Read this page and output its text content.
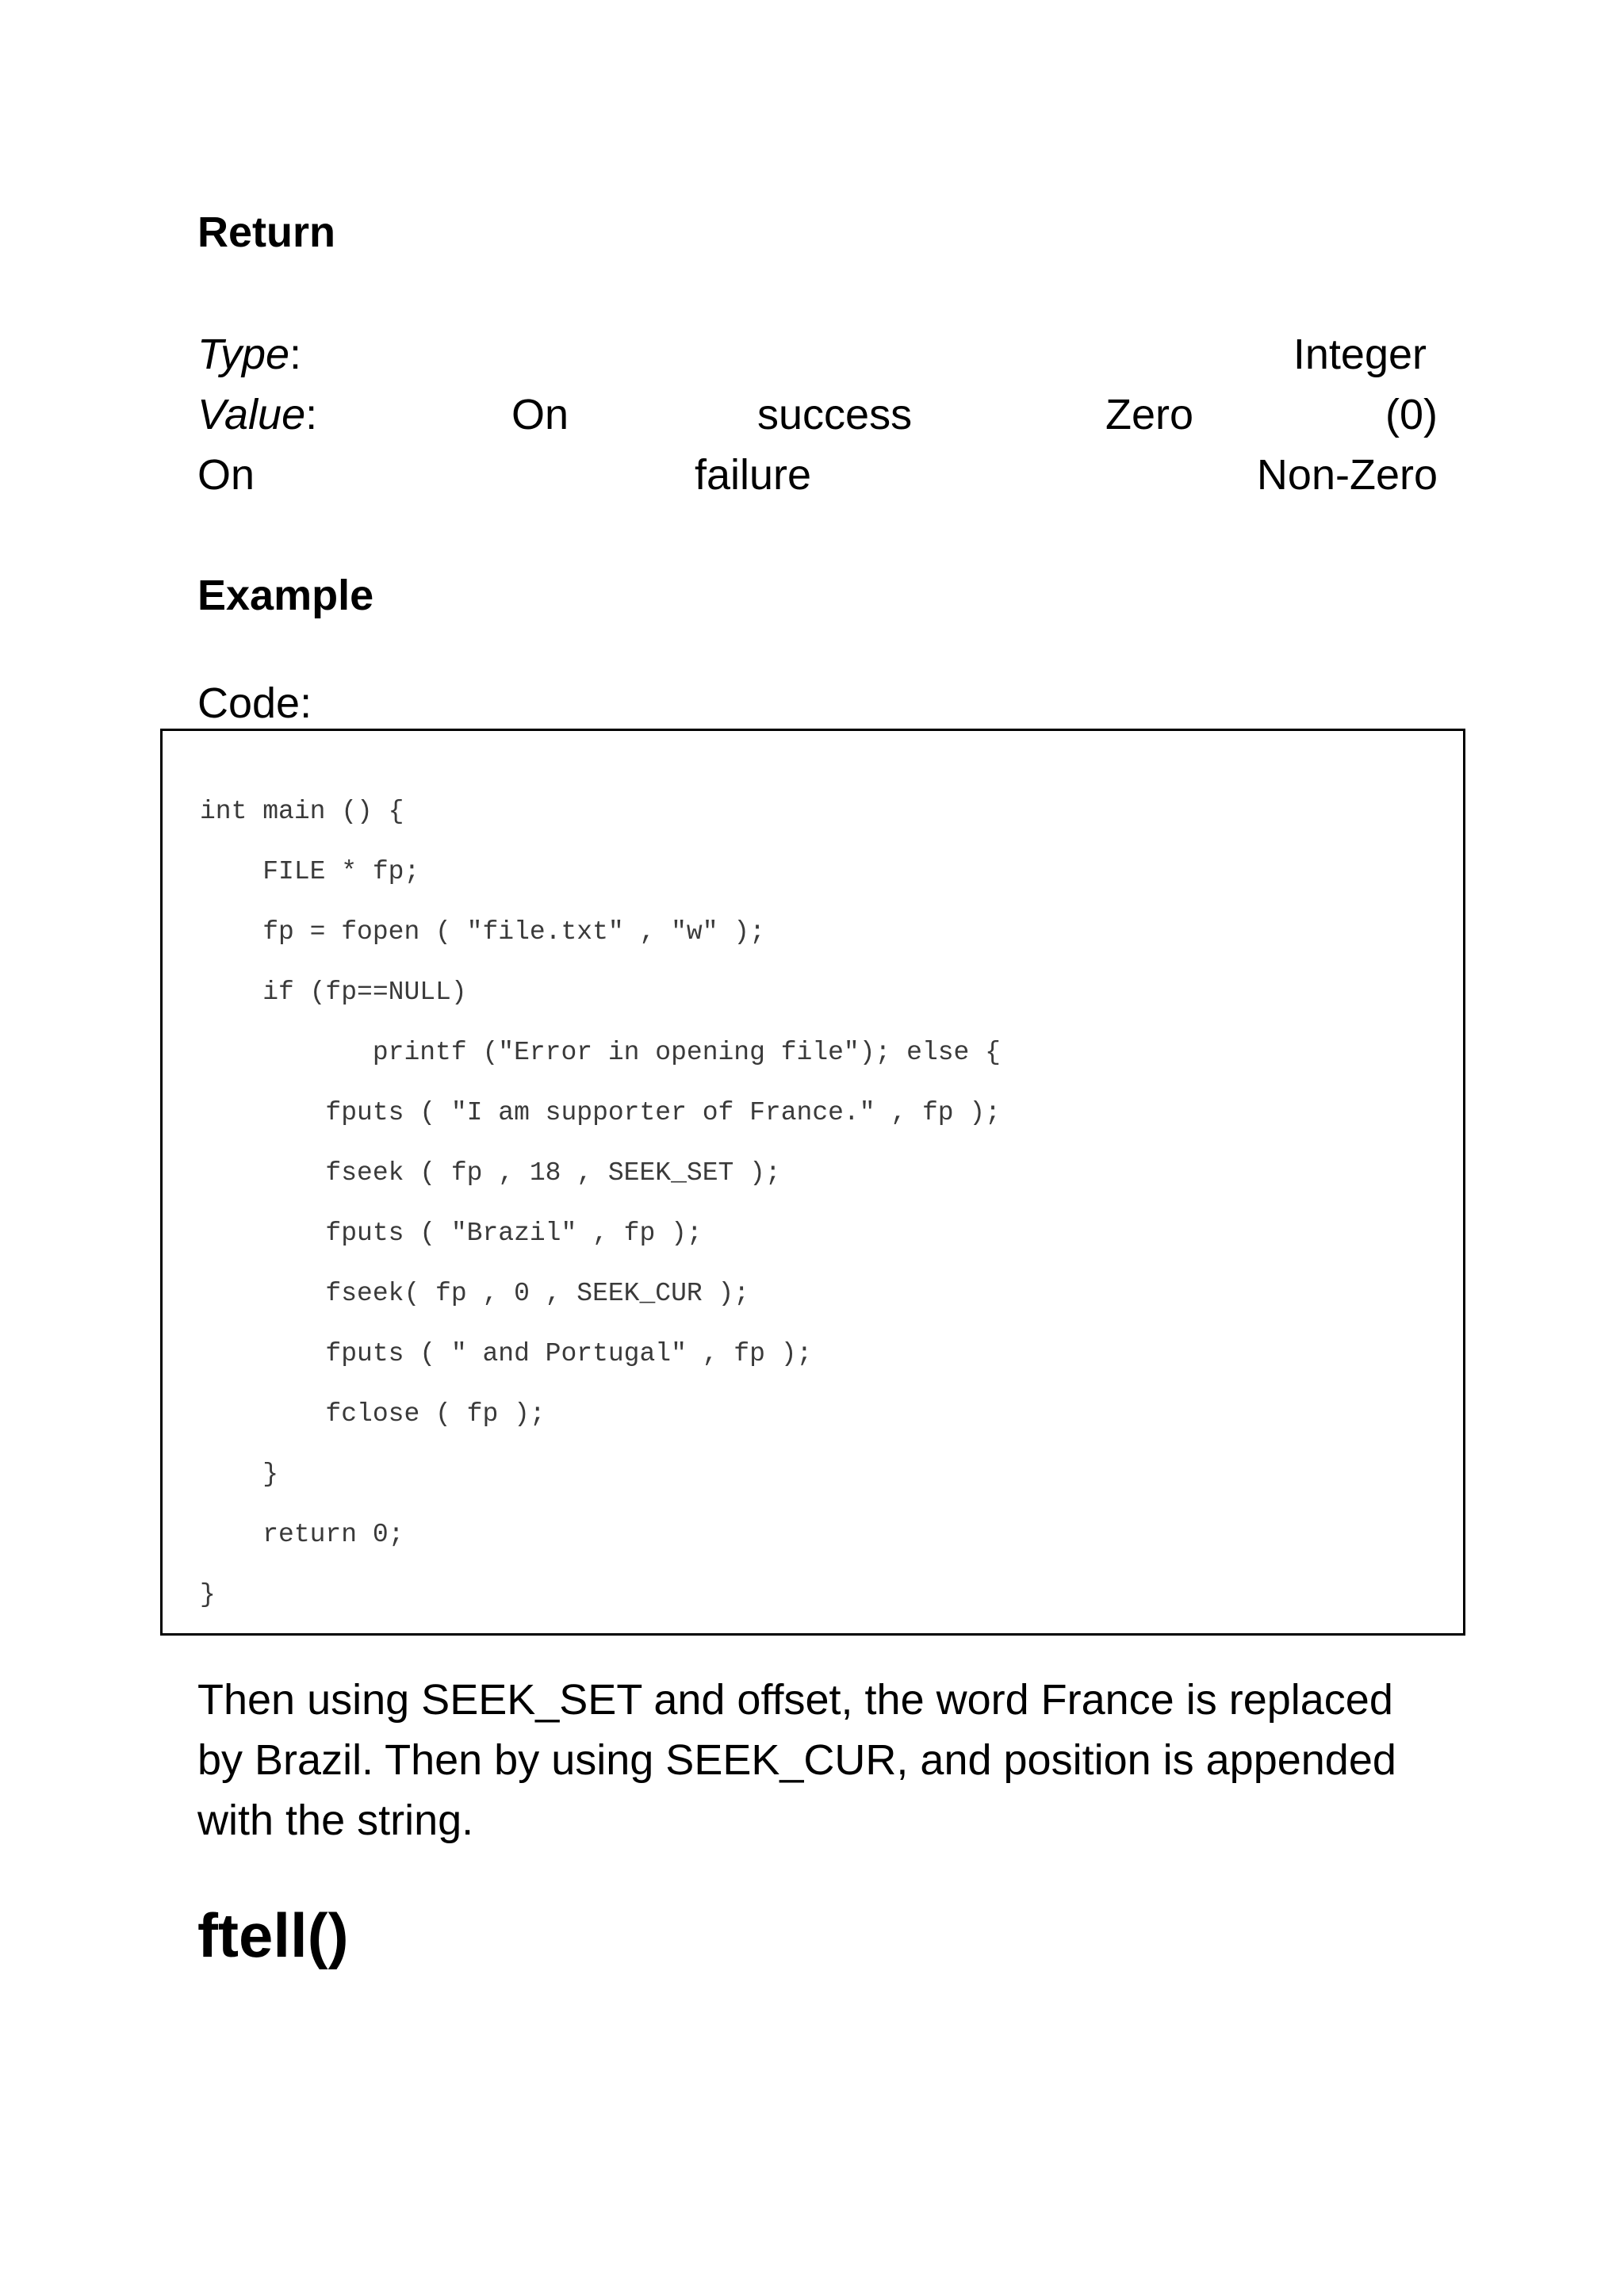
Return
Type:	Integer
Value:	On	success	Zero	(0)
On	failure	Non-Zero
Example
Code:
int main () {
FILE * fp;
fp = fopen ( "file.txt" , "w" );
if (fp==NULL)
printf ("Error in opening file"); else {
fputs ( "I am supporter of France." , fp );
fseek ( fp , 18 , SEEK_SET );
fputs ( "Brazil" , fp );
fseek( fp , 0 , SEEK_CUR );
fputs ( " and Portugal" , fp );
fclose ( fp );
}
return 0;
}
Then using SEEK_SET and offset, the word France is replaced by Brazil. Then by using SEEK_CUR, and position is appended with the string.
ftell()
